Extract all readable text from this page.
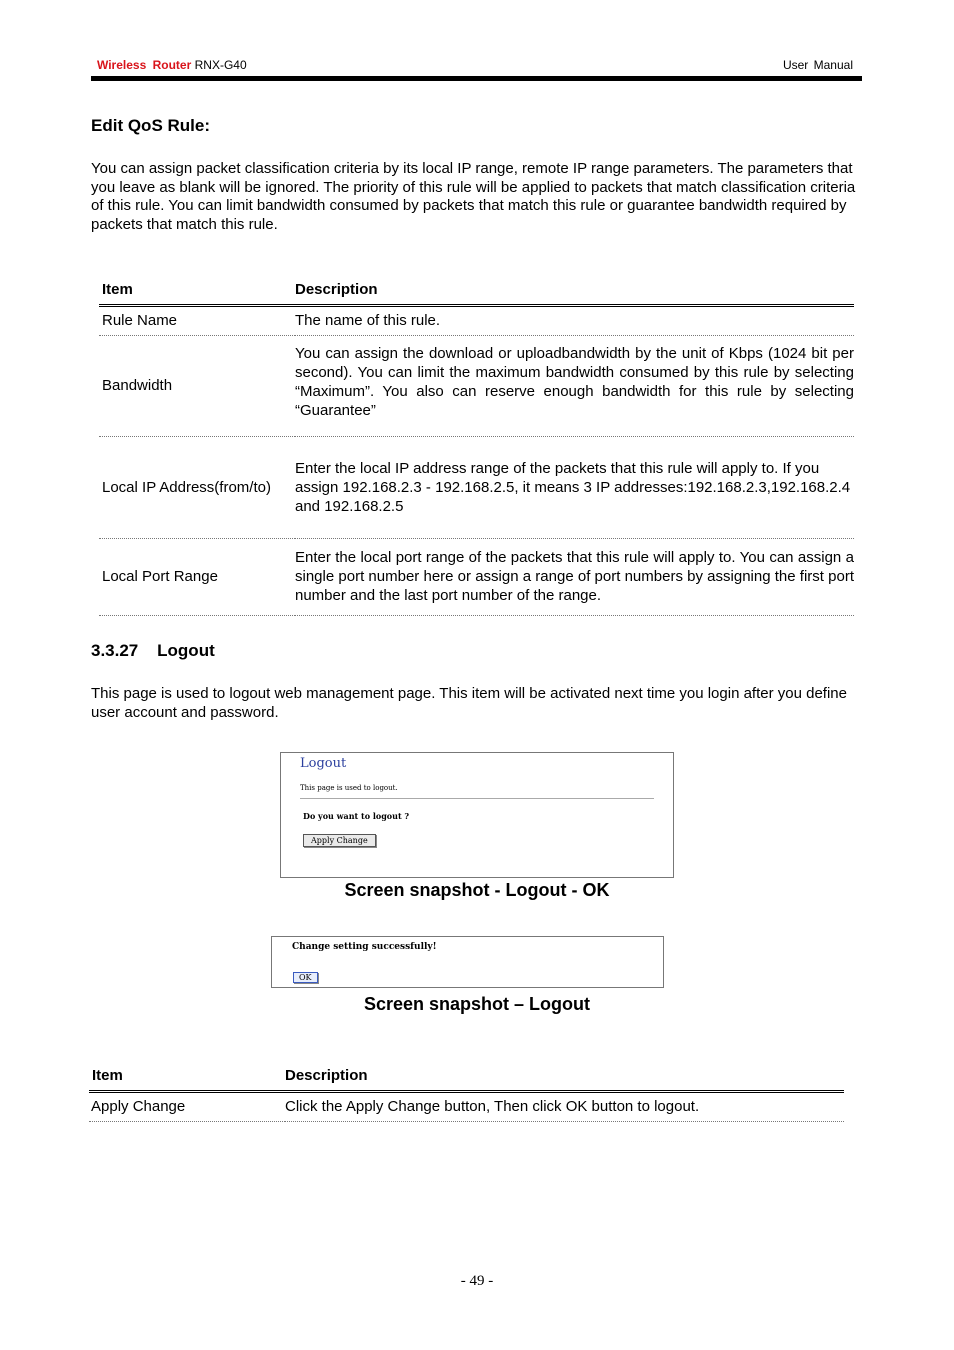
Wireless Router RNX-G40	User Manual
Edit QoS Rule:
You can assign packet classification criteria by its local IP range, remote IP range parameters. The parameters that you leave as blank will be ignored. The priority of this rule will be applied to packets that match classification criteria of this rule. You can limit bandwidth consumed by packets that match this rule or guarantee bandwidth required by packets that match this rule.
Item	Description
Rule Name	The name of this rule.
Bandwidth	You can assign the download or uploadbandwidth by the unit of Kbps (1024 bit per second). You can limit the maximum bandwidth consumed by this rule by selecting “Maximum”. You also can reserve enough bandwidth for this rule by selecting “Guarantee”
Local IP Address(from/to)	Enter the local IP address range of the packets that this rule will apply to. If you assign 192.168.2.3 - 192.168.2.5, it means 3 IP addresses:192.168.2.3,192.168.2.4 and 192.168.2.5
Local Port Range	Enter the local port range of the packets that this rule will apply to. You can assign a single port number here or assign a range of port numbers by assigning the first port number and the last port number of the range.
3.3.27    Logout
This page is used to logout web management page. This item will be activated next time you login after you define user account and password.
Logout
This page is used to logout.
Do you want to logout ?
Apply Change
Screen snapshot - Logout - OK
Change setting successfully!
OK
Screen snapshot – Logout
Item	Description
Apply Change	Click the Apply Change button, Then click OK button to logout.
- 49 -
